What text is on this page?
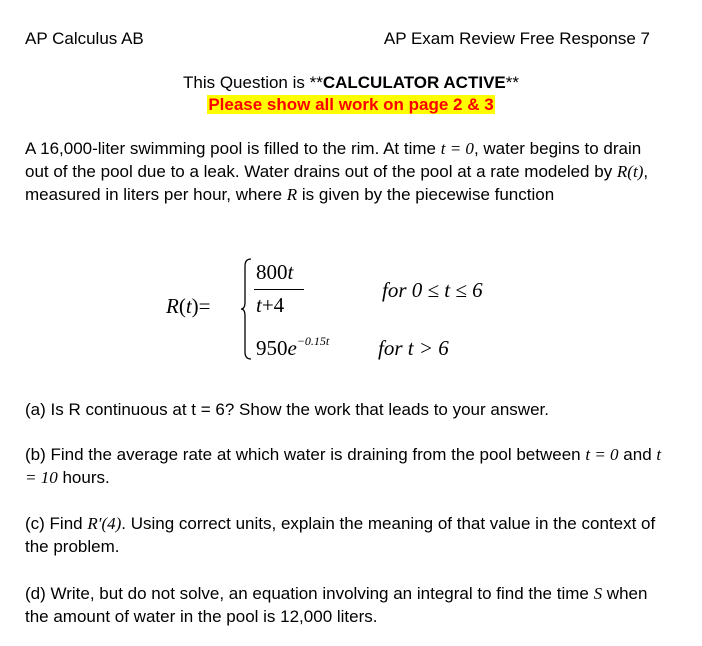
AP Calculus AB	AP Exam Review Free Response 7
This Question is **CALCULATOR ACTIVE**
Please show all work on page 2 & 3
A 16,000-liter swimming pool is filled to the rim. At time t = 0, water begins to drain out of the pool due to a leak. Water drains out of the pool at a rate modeled by R(t), measured in liters per hour, where R is given by the piecewise function
R(t)=
800t
t+4
$950e^{-0.15t}$
for 0 ≤ t ≤ 6
for t > 6
(a) Is R continuous at t = 6? Show the work that leads to your answer.
(b) Find the average rate at which water is draining from the pool between t = 0 and t = 10 hours.
(c) Find R′(4). Using correct units, explain the meaning of that value in the context of the problem.
(d) Write, but do not solve, an equation involving an integral to find the time S when the amount of water in the pool is 12,000 liters.
